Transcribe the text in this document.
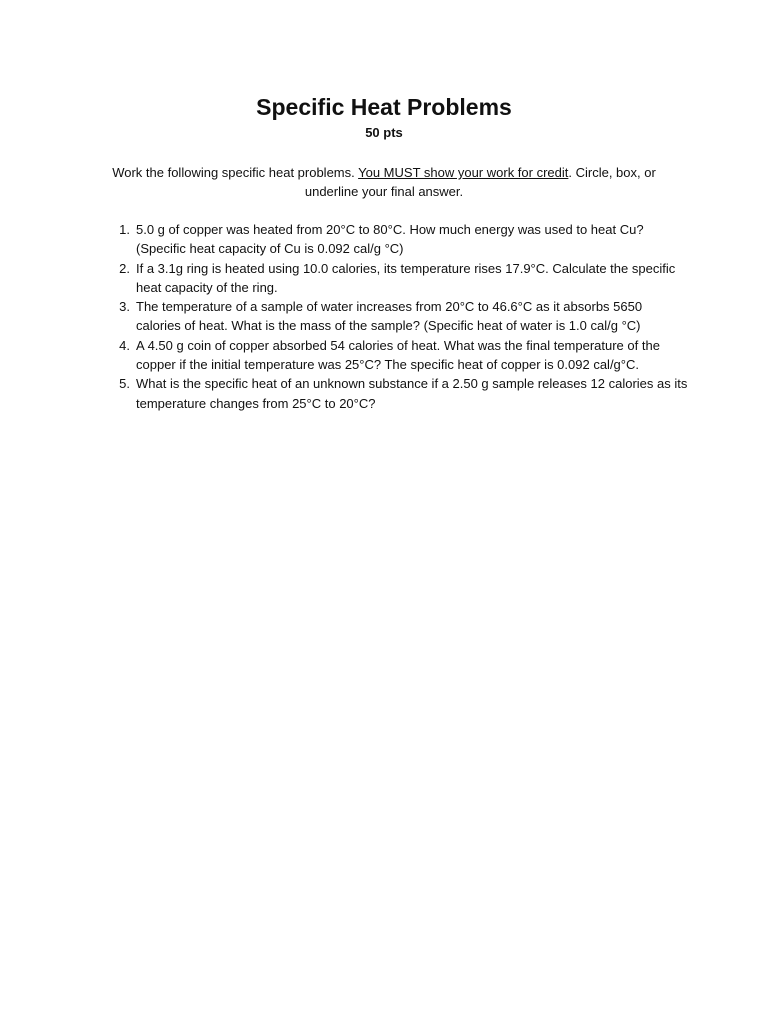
Specific Heat Problems
50 pts

Work the following specific heat problems. You MUST show your work for credit. Circle, box, or underline your final answer.

1. 5.0 g of copper was heated from 20°C to 80°C. How much energy was used to heat Cu? (Specific heat capacity of Cu is 0.092 cal/g °C)
2. If a 3.1g ring is heated using 10.0 calories, its temperature rises 17.9°C. Calculate the specific heat capacity of the ring.
3. The temperature of a sample of water increases from 20°C to 46.6°C as it absorbs 5650 calories of heat. What is the mass of the sample? (Specific heat of water is 1.0 cal/g °C)
4. A 4.50 g coin of copper absorbed 54 calories of heat. What was the final temperature of the copper if the initial temperature was 25°C? The specific heat of copper is 0.092 cal/g°C.
5. What is the specific heat of an unknown substance if a 2.50 g sample releases 12 calories as its temperature changes from 25°C to 20°C?
